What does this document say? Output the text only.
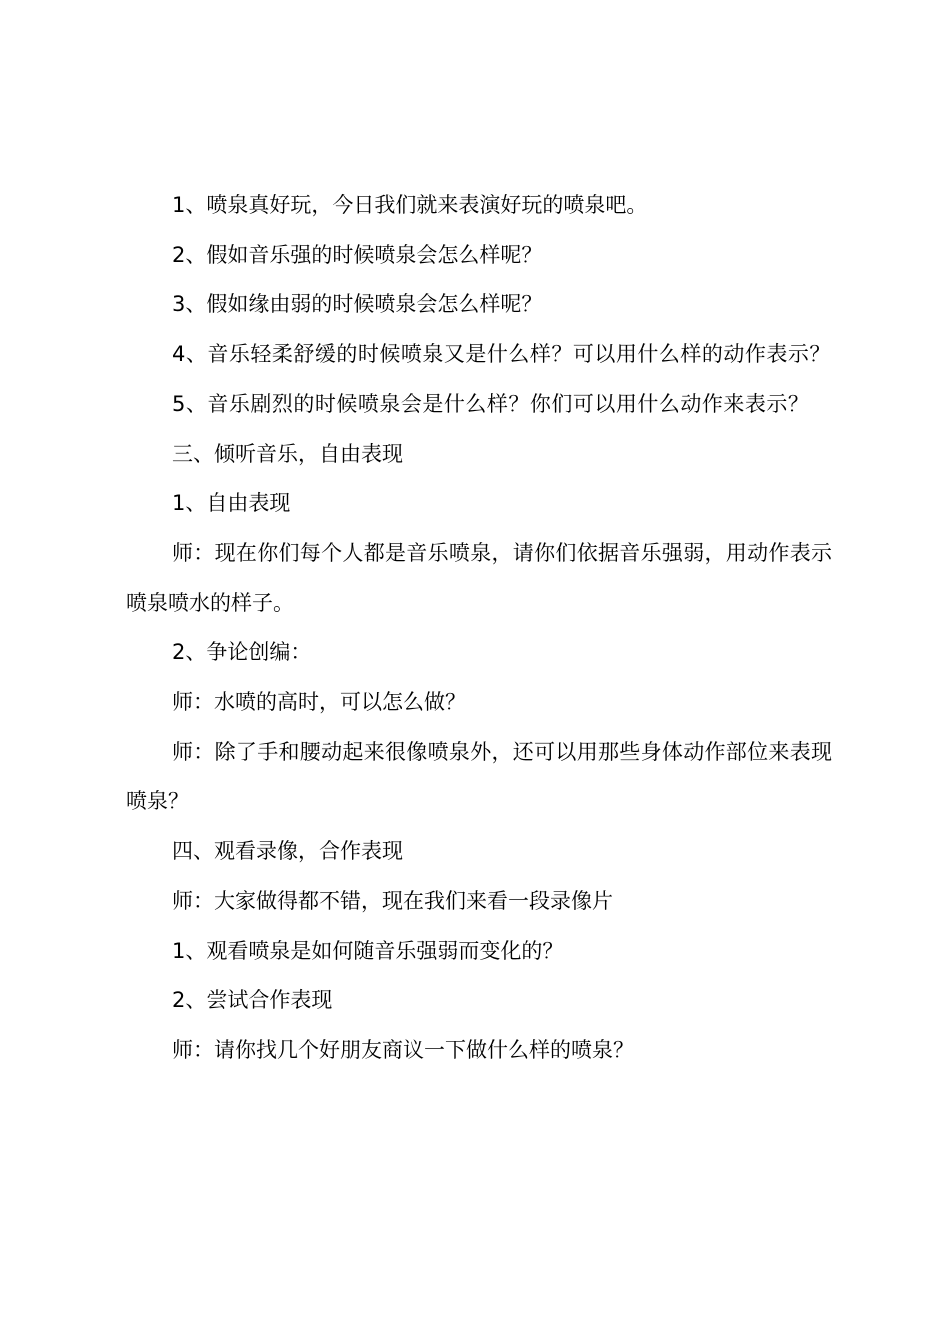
1、喷泉真好玩，今日我们就来表演好玩的喷泉吧。

2、假如音乐强的时候喷泉会怎么样呢？

3、假如缘由弱的时候喷泉会怎么样呢？

4、音乐轻柔舒缓的时候喷泉又是什么样？可以用什么样的动作表示？

5、音乐剧烈的时候喷泉会是什么样？你们可以用什么动作来表示？

三、倾听音乐，自由表现

1、自由表现

师：现在你们每个人都是音乐喷泉，请你们依据音乐强弱，用动作表示喷泉喷水的样子。

2、争论创编：

师：水喷的高时，可以怎么做？

师：除了手和腰动起来很像喷泉外，还可以用那些身体动作部位来表现喷泉？

四、观看录像，合作表现

师：大家做得都不错，现在我们来看一段录像片

1、观看喷泉是如何随音乐强弱而变化的？

2、尝试合作表现

师：请你找几个好朋友商议一下做什么样的喷泉？
